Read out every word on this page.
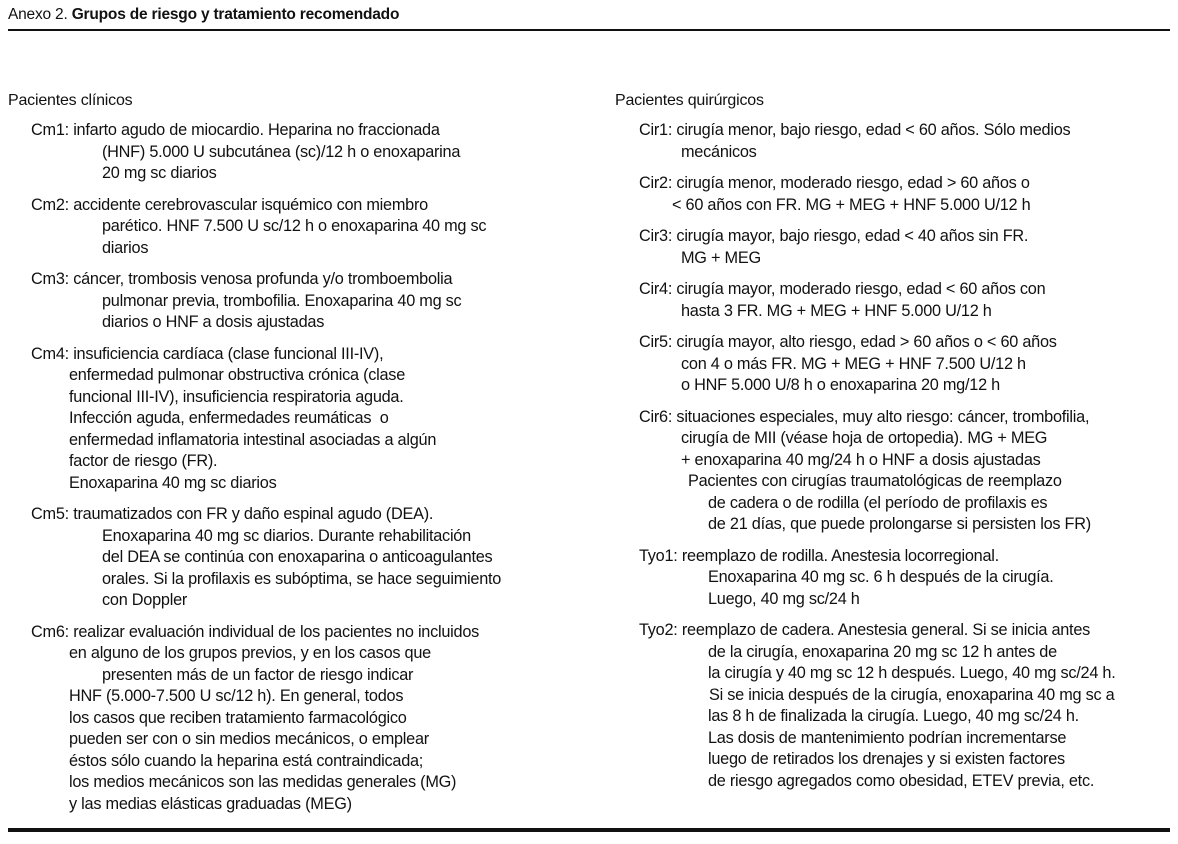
Anexo 2. Grupos de riesgo y tratamiento recomendado
Pacientes clínicos	Pacientes quirúrgicos
Cm1: infarto agudo de miocardio. Heparina no fraccionada
(HNF) 5.000 U subcutánea (sc)/12 h o enoxaparina
20 mg sc diarios
Cm2: accidente cerebrovascular isquémico con miembro
parético. HNF 7.500 U sc/12 h o enoxaparina 40 mg sc
diarios
Cm3: cáncer, trombosis venosa profunda y/o tromboembolia
pulmonar previa, trombofilia. Enoxaparina 40 mg sc
diarios o HNF a dosis ajustadas
Cm4: insuficiencia cardíaca (clase funcional III-IV),
enfermedad pulmonar obstructiva crónica (clase
funcional III-IV), insuficiencia respiratoria aguda.
Infección aguda, enfermedades reumáticas  o
enfermedad inflamatoria intestinal asociadas a algún
factor de riesgo (FR).
Enoxaparina 40 mg sc diarios
Cm5: traumatizados con FR y daño espinal agudo (DEA).
Enoxaparina 40 mg sc diarios. Durante rehabilitación
del DEA se continúa con enoxaparina o anticoagulantes
orales. Si la profilaxis es subóptima, se hace seguimiento
con Doppler
Cm6: realizar evaluación individual de los pacientes no incluidos
en alguno de los grupos previos, y en los casos que
presenten más de un factor de riesgo indicar
HNF (5.000-7.500 U sc/12 h). En general, todos
los casos que reciben tratamiento farmacológico
pueden ser con o sin medios mecánicos, o emplear
éstos sólo cuando la heparina está contraindicada;
los medios mecánicos son las medidas generales (MG)
y las medias elásticas graduadas (MEG)
Cir1: cirugía menor, bajo riesgo, edad < 60 años. Sólo medios
mecánicos
Cir2: cirugía menor, moderado riesgo, edad > 60 años o
< 60 años con FR. MG + MEG + HNF 5.000 U/12 h
Cir3: cirugía mayor, bajo riesgo, edad < 40 años sin FR.
MG + MEG
Cir4: cirugía mayor, moderado riesgo, edad < 60 años con
hasta 3 FR. MG + MEG + HNF 5.000 U/12 h
Cir5: cirugía mayor, alto riesgo, edad > 60 años o < 60 años
con 4 o más FR. MG + MEG + HNF 7.500 U/12 h
o HNF 5.000 U/8 h o enoxaparina 20 mg/12 h
Cir6: situaciones especiales, muy alto riesgo: cáncer, trombofilia,
cirugía de MII (véase hoja de ortopedia). MG + MEG
+ enoxaparina 40 mg/24 h o HNF a dosis ajustadas
Pacientes con cirugías traumatológicas de reemplazo
de cadera o de rodilla (el período de profilaxis es
de 21 días, que puede prolongarse si persisten los FR)
Tyo1: reemplazo de rodilla. Anestesia locorregional.
Enoxaparina 40 mg sc. 6 h después de la cirugía.
Luego, 40 mg sc/24 h
Tyo2: reemplazo de cadera. Anestesia general. Si se inicia antes
de la cirugía, enoxaparina 20 mg sc 12 h antes de
la cirugía y 40 mg sc 12 h después. Luego, 40 mg sc/24 h.
Si se inicia después de la cirugía, enoxaparina 40 mg sc a
las 8 h de finalizada la cirugía. Luego, 40 mg sc/24 h.
Las dosis de mantenimiento podrían incrementarse
luego de retirados los drenajes y si existen factores
de riesgo agregados como obesidad, ETEV previa, etc.
